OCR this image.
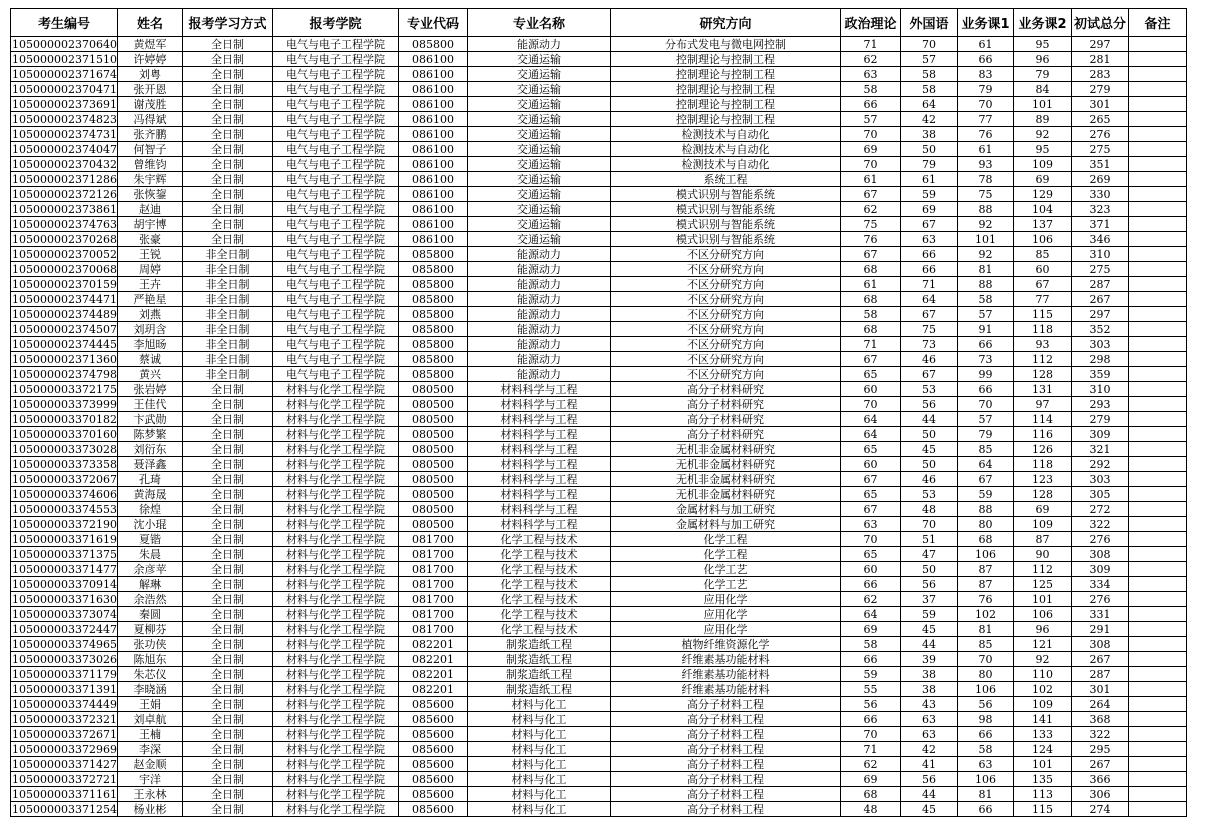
考生编号	姓名	报考学习方式	报考学院	专业代码	专业名称	研究方向	政治理论	外国语	业务课1	业务课2	初试总分	备注
105000002370640	黄煜军	全日制	电气与电子工程学院	085800	能源动力	分布式发电与微电网控制	71	70	61	95	297	
105000002371510	许婷婷	全日制	电气与电子工程学院	086100	交通运输	控制理论与控制工程	62	57	66	96	281	
105000002371674	刘粤	全日制	电气与电子工程学院	086100	交通运输	控制理论与控制工程	63	58	83	79	283	
105000002370471	张开恩	全日制	电气与电子工程学院	086100	交通运输	控制理论与控制工程	58	58	79	84	279	
105000002373691	谢茂胜	全日制	电气与电子工程学院	086100	交通运输	控制理论与控制工程	66	64	70	101	301	
105000002374823	冯得斌	全日制	电气与电子工程学院	086100	交通运输	控制理论与控制工程	57	42	77	89	265	
105000002374731	张齐鹏	全日制	电气与电子工程学院	086100	交通运输	检测技术与自动化	70	38	76	92	276	
105000002374047	何智子	全日制	电气与电子工程学院	086100	交通运输	检测技术与自动化	69	50	61	95	275	
105000002370432	曾维钧	全日制	电气与电子工程学院	086100	交通运输	检测技术与自动化	70	79	93	109	351	
105000002371286	朱宇辉	全日制	电气与电子工程学院	086100	交通运输	系统工程	61	61	78	69	269	
105000002372126	张恢鋆	全日制	电气与电子工程学院	086100	交通运输	模式识别与智能系统	67	59	75	129	330	
105000002373861	赵迪	全日制	电气与电子工程学院	086100	交通运输	模式识别与智能系统	62	69	88	104	323	
105000002374763	胡宇博	全日制	电气与电子工程学院	086100	交通运输	模式识别与智能系统	75	67	92	137	371	
105000002370268	张豪	全日制	电气与电子工程学院	086100	交通运输	模式识别与智能系统	76	63	101	106	346	
105000002370052	王锐	非全日制	电气与电子工程学院	085800	能源动力	不区分研究方向	67	66	92	85	310	
105000002370068	周婷	非全日制	电气与电子工程学院	085800	能源动力	不区分研究方向	68	66	81	60	275	
105000002370159	王卉	非全日制	电气与电子工程学院	085800	能源动力	不区分研究方向	61	71	88	67	287	
105000002374471	严艳星	非全日制	电气与电子工程学院	085800	能源动力	不区分研究方向	68	64	58	77	267	
105000002374489	刘燕	非全日制	电气与电子工程学院	085800	能源动力	不区分研究方向	58	67	57	115	297	
105000002374507	刘玥含	非全日制	电气与电子工程学院	085800	能源动力	不区分研究方向	68	75	91	118	352	
105000002374445	李旭旸	非全日制	电气与电子工程学院	085800	能源动力	不区分研究方向	71	73	66	93	303	
105000002371360	蔡诚	非全日制	电气与电子工程学院	085800	能源动力	不区分研究方向	67	46	73	112	298	
105000002374798	黄兴	非全日制	电气与电子工程学院	085800	能源动力	不区分研究方向	65	67	99	128	359	
105000003372175	张岩婷	全日制	材料与化学工程学院	080500	材料科学与工程	高分子材料研究	60	53	66	131	310	
105000003373999	王佳代	全日制	材料与化学工程学院	080500	材料科学与工程	高分子材料研究	70	56	70	97	293	
105000003370182	卞武勋	全日制	材料与化学工程学院	080500	材料科学与工程	高分子材料研究	64	44	57	114	279	
105000003370160	陈梦繁	全日制	材料与化学工程学院	080500	材料科学与工程	高分子材料研究	64	50	79	116	309	
105000003373028	刘衍东	全日制	材料与化学工程学院	080500	材料科学与工程	无机非金属材料研究	65	45	85	126	321	
105000003373358	聂泽鑫	全日制	材料与化学工程学院	080500	材料科学与工程	无机非金属材料研究	60	50	64	118	292	
105000003372067	孔琦	全日制	材料与化学工程学院	080500	材料科学与工程	无机非金属材料研究	67	46	67	123	303	
105000003374606	黄海晟	全日制	材料与化学工程学院	080500	材料科学与工程	无机非金属材料研究	65	53	59	128	305	
105000003374553	徐煌	全日制	材料与化学工程学院	080500	材料科学与工程	金属材料与加工研究	67	48	88	69	272	
105000003372190	沈小琨	全日制	材料与化学工程学院	080500	材料科学与工程	金属材料与加工研究	63	70	80	109	322	
105000003371619	夏锴	全日制	材料与化学工程学院	081700	化学工程与技术	化学工程	70	51	68	87	276	
105000003371375	朱晨	全日制	材料与化学工程学院	081700	化学工程与技术	化学工程	65	47	106	90	308	
105000003371477	余彦苹	全日制	材料与化学工程学院	081700	化学工程与技术	化学工艺	60	50	87	112	309	
105000003370914	解琳	全日制	材料与化学工程学院	081700	化学工程与技术	化学工艺	66	56	87	125	334	
105000003371630	余浩然	全日制	材料与化学工程学院	081700	化学工程与技术	应用化学	62	37	76	101	276	
105000003373074	秦圆	全日制	材料与化学工程学院	081700	化学工程与技术	应用化学	64	59	102	106	331	
105000003372447	夏柳芬	全日制	材料与化学工程学院	081700	化学工程与技术	应用化学	69	45	81	96	291	
105000003374965	张功侠	全日制	材料与化学工程学院	082201	制浆造纸工程	植物纤维资源化学	58	44	85	121	308	
105000003373026	陈旭东	全日制	材料与化学工程学院	082201	制浆造纸工程	纤维素基功能材料	66	39	70	92	267	
105000003371179	朱芯仪	全日制	材料与化学工程学院	082201	制浆造纸工程	纤维素基功能材料	59	38	80	110	287	
105000003371391	李晓涵	全日制	材料与化学工程学院	082201	制浆造纸工程	纤维素基功能材料	55	38	106	102	301	
105000003374449	王娟	全日制	材料与化学工程学院	085600	材料与化工	高分子材料工程	56	43	56	109	264	
105000003372321	刘卓航	全日制	材料与化学工程学院	085600	材料与化工	高分子材料工程	66	63	98	141	368	
105000003372671	王楠	全日制	材料与化学工程学院	085600	材料与化工	高分子材料工程	70	63	66	133	322	
105000003372969	李深	全日制	材料与化学工程学院	085600	材料与化工	高分子材料工程	71	42	58	124	295	
105000003371427	赵金顺	全日制	材料与化学工程学院	085600	材料与化工	高分子材料工程	62	41	63	101	267	
105000003372721	宇洋	全日制	材料与化学工程学院	085600	材料与化工	高分子材料工程	69	56	106	135	366	
105000003371161	王永林	全日制	材料与化学工程学院	085600	材料与化工	高分子材料工程	68	44	81	113	306	
105000003371254	杨业彬	全日制	材料与化学工程学院	085600	材料与化工	高分子材料工程	48	45	66	115	274	
